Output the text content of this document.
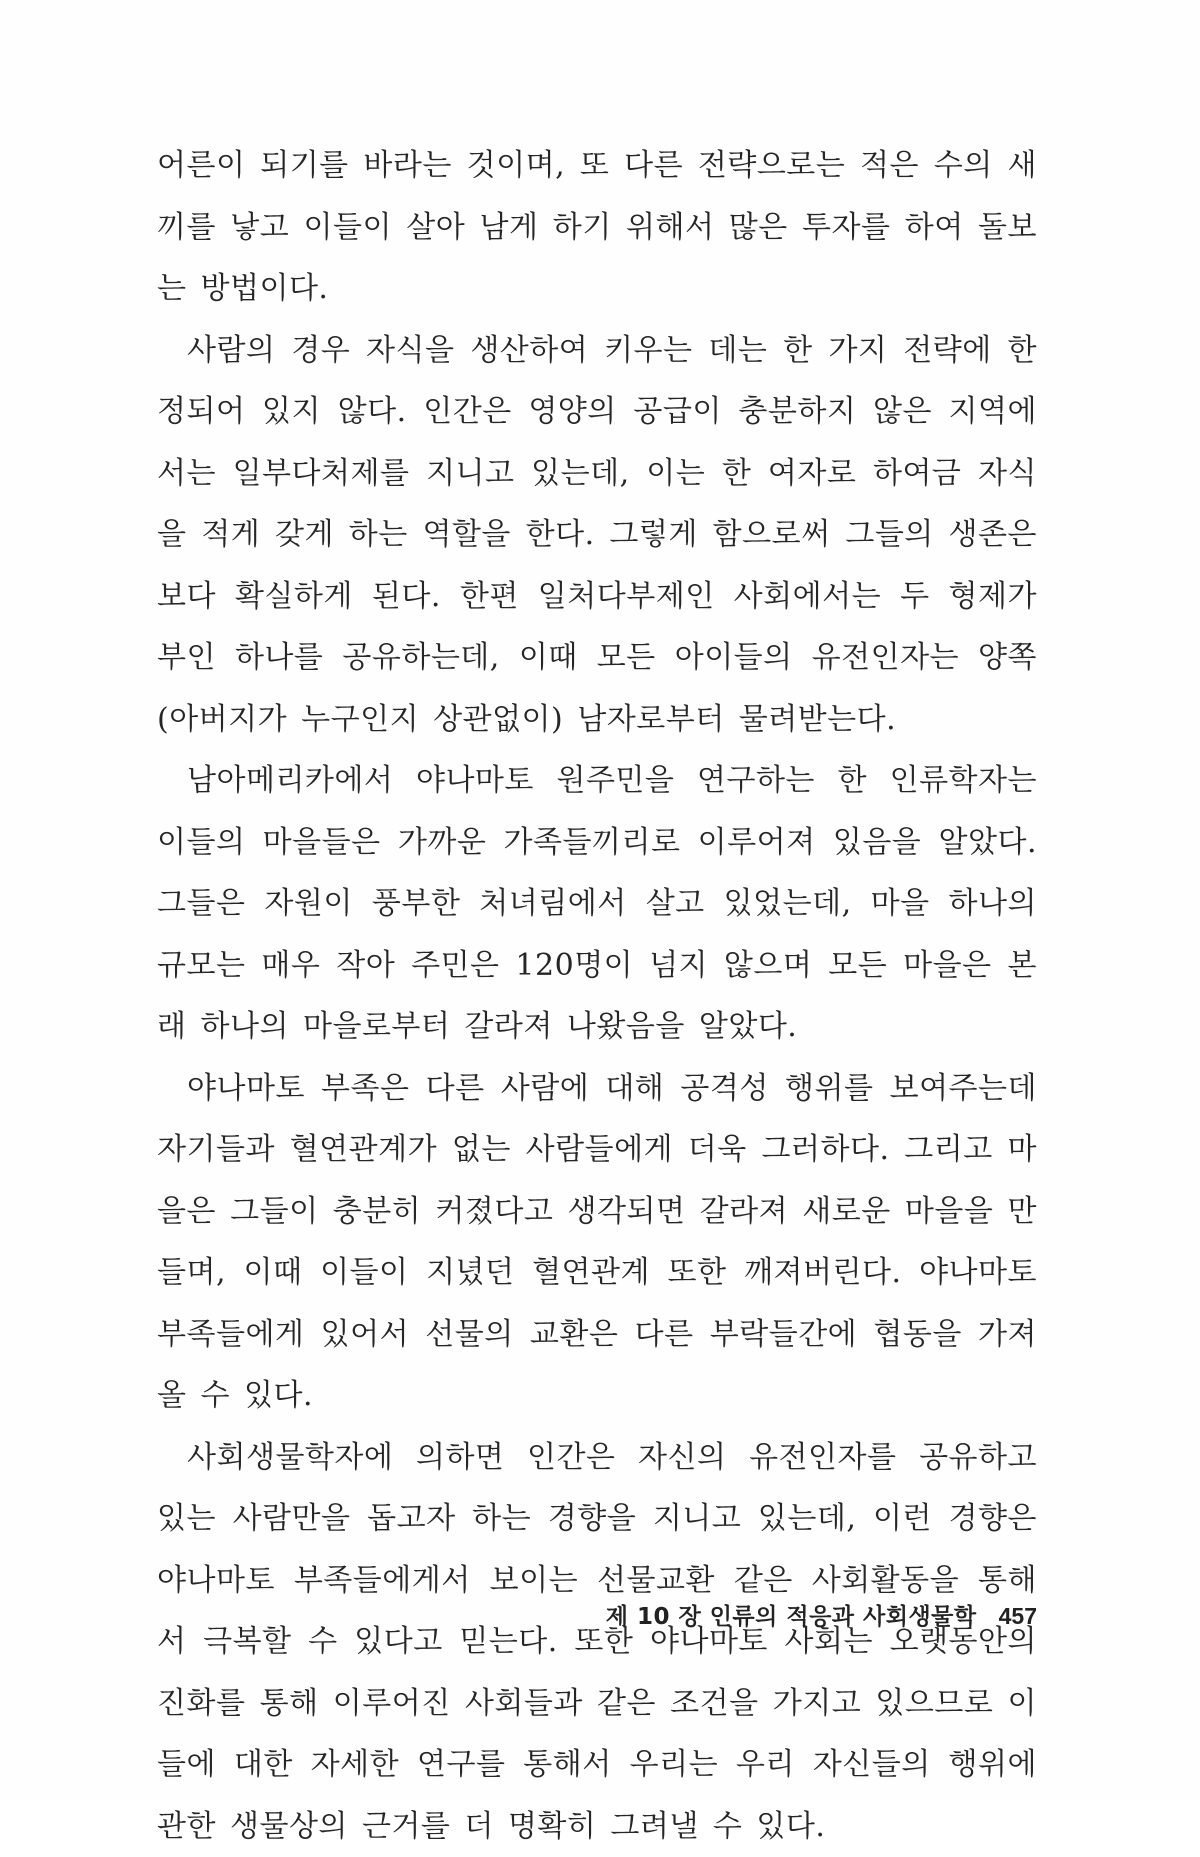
어른이 되기를 바라는 것이며, 또 다른 전략으로는 적은 수의 새끼를 낳고 이들이 살아 남게 하기 위해서 많은 투자를 하여 돌보는 방법이다.

사람의 경우 자식을 생산하여 키우는 데는 한 가지 전략에 한정되어 있지 않다. 인간은 영양의 공급이 충분하지 않은 지역에서는 일부다처제를 지니고 있는데, 이는 한 여자로 하여금 자식을 적게 갖게 하는 역할을 한다. 그렇게 함으로써 그들의 생존은 보다 확실하게 된다. 한편 일처다부제인 사회에서는 두 형제가 부인 하나를 공유하는데, 이때 모든 아이들의 유전인자는 양쪽(아버지가 누구인지 상관없이) 남자로부터 물려받는다.

남아메리카에서 야나마토 원주민을 연구하는 한 인류학자는 이들의 마을들은 가까운 가족들끼리로 이루어져 있음을 알았다. 그들은 자원이 풍부한 처녀림에서 살고 있었는데, 마을 하나의 규모는 매우 작아 주민은 120명이 넘지 않으며 모든 마을은 본래 하나의 마을로부터 갈라져 나왔음을 알았다.

야나마토 부족은 다른 사람에 대해 공격성 행위를 보여주는데 자기들과 혈연관계가 없는 사람들에게 더욱 그러하다. 그리고 마을은 그들이 충분히 커졌다고 생각되면 갈라져 새로운 마을을 만들며, 이때 이들이 지녔던 혈연관계 또한 깨져버린다. 야나마토 부족들에게 있어서 선물의 교환은 다른 부락들간에 협동을 가져올 수 있다.

사회생물학자에 의하면 인간은 자신의 유전인자를 공유하고 있는 사람만을 돕고자 하는 경향을 지니고 있는데, 이런 경향은 야나마토 부족들에게서 보이는 선물교환 같은 사회활동을 통해서 극복할 수 있다고 믿는다. 또한 야나마토 사회는 오랫동안의 진화를 통해 이루어진 사회들과 같은 조건을 가지고 있으므로 이들에 대한 자세한 연구를 통해서 우리는 우리 자신들의 행위에 관한 생물상의 근거를 더 명확히 그려낼 수 있다.

제 10 장 인류의 적응과 사회생물학 457
